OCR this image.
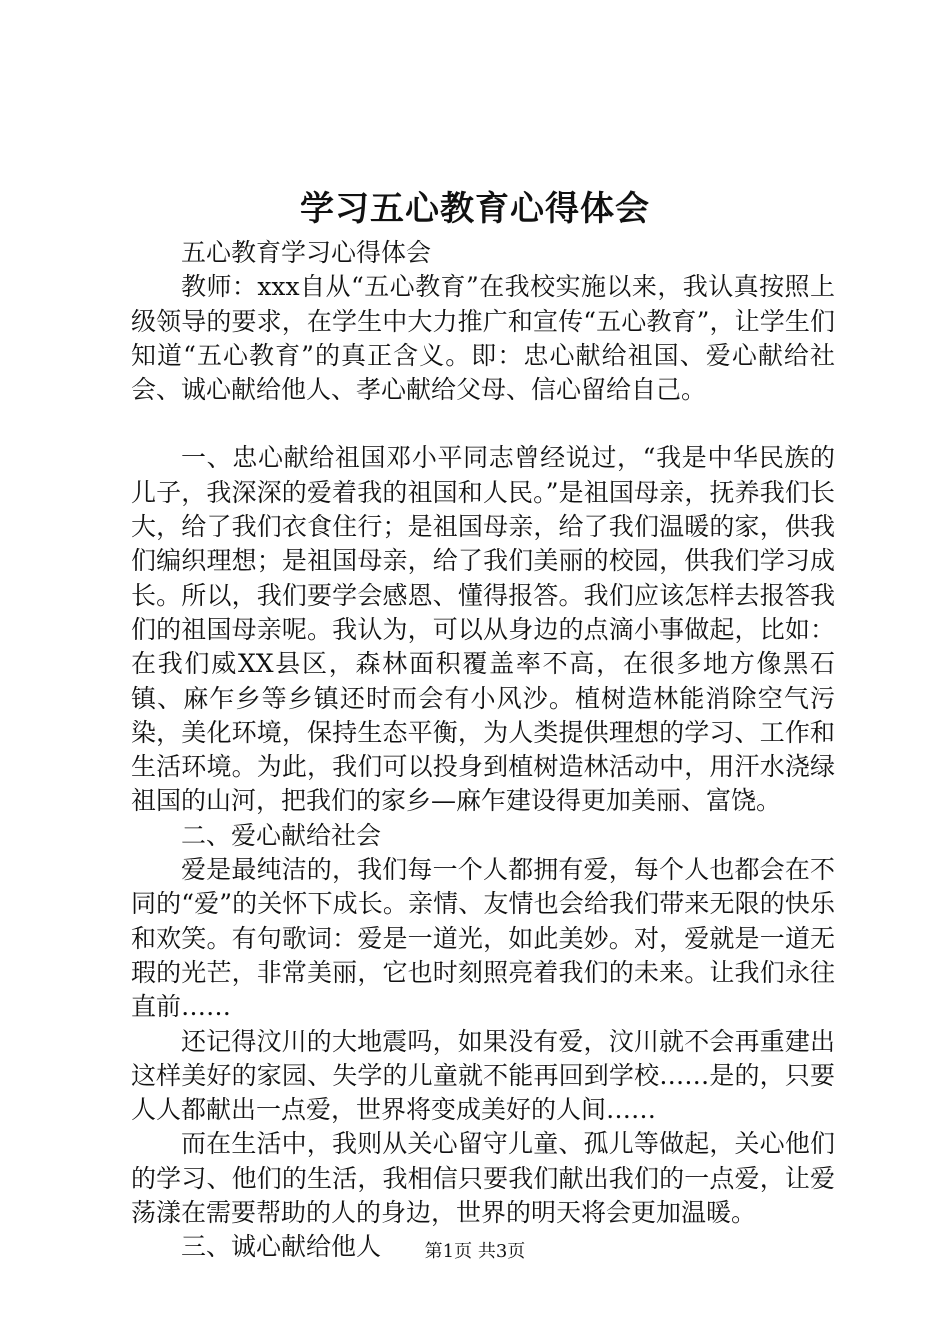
学习五心教育心得体会

五心教育学习心得体会

教师：xxx自从“五心教育”在我校实施以来，我认真按照上级领导的要求，在学生中大力推广和宣传“五心教育”，让学生们知道“五心教育”的真正含义。即：忠心献给祖国、爱心献给社会、诚心献给他人、孝心献给父母、信心留给自己。

一、忠心献给祖国邓小平同志曾经说过，“我是中华民族的儿子，我深深的爱着我的祖国和人民。”是祖国母亲，抚养我们长大，给了我们衣食住行；是祖国母亲，给了我们温暖的家，供我们编织理想；是祖国母亲，给了我们美丽的校园，供我们学习成长。所以，我们要学会感恩、懂得报答。我们应该怎样去报答我们的祖国母亲呢。我认为，可以从身边的点滴小事做起，比如：在我们威XX县区，森林面积覆盖率不高，在很多地方像黑石镇、麻乍乡等乡镇还时而会有小风沙。植树造林能消除空气污染，美化环境，保持生态平衡，为人类提供理想的学习、工作和生活环境。为此，我们可以投身到植树造林活动中，用汗水浇绿祖国的山河，把我们的家乡—麻乍建设得更加美丽、富饶。

二、爱心献给社会

爱是最纯洁的，我们每一个人都拥有爱，每个人也都会在不同的“爱”的关怀下成长。亲情、友情也会给我们带来无限的快乐和欢笑。有句歌词：爱是一道光，如此美妙。对，爱就是一道无瑕的光芒，非常美丽，它也时刻照亮着我们的未来。让我们永往直前……

还记得汶川的大地震吗，如果没有爱，汶川就不会再重建出这样美好的家园、失学的儿童就不能再回到学校……是的，只要人人都献出一点爱，世界将变成美好的人间……

而在生活中，我则从关心留守儿童、孤儿等做起，关心他们的学习、他们的生活，我相信只要我们献出我们的一点爱，让爱荡漾在需要帮助的人的身边，世界的明天将会更加温暖。

三、诚心献给他人	第1页 共3页
